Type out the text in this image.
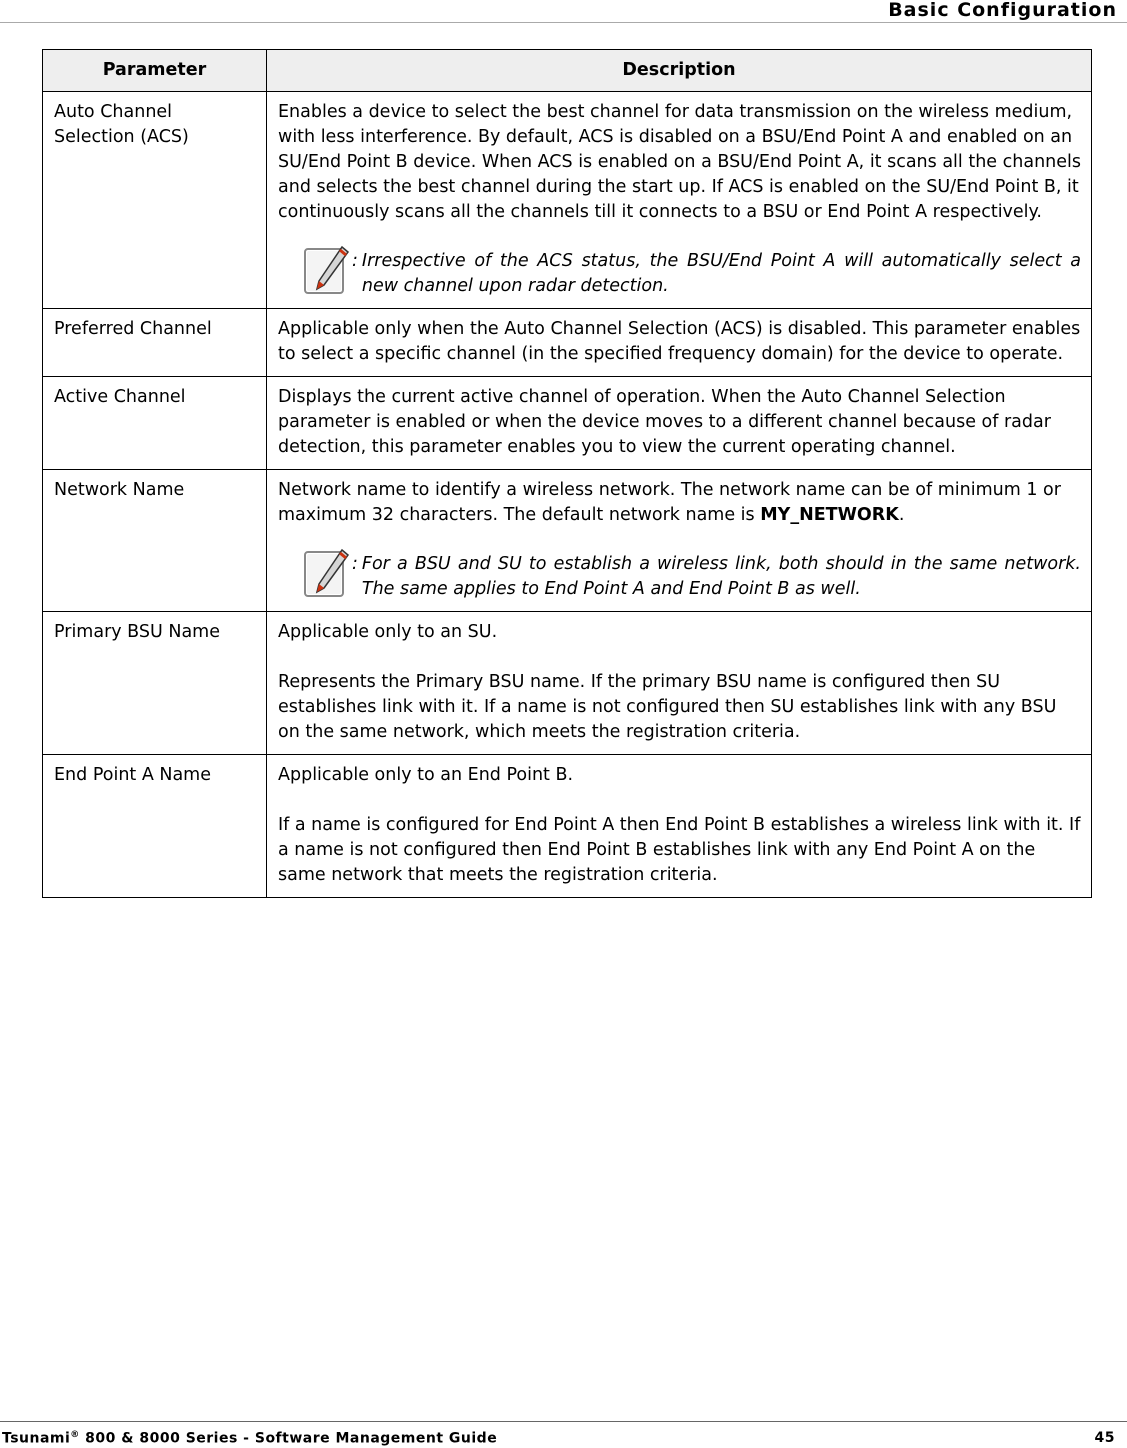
Basic Configuration
Parameter	Description
Auto Channel Selection (ACS)	Enables a device to select the best channel for data transmission on the wireless medium, with less interference. By default, ACS is disabled on a BSU/End Point A and enabled on an SU/End Point B device. When ACS is enabled on a BSU/End Point A, it scans all the channels and selects the best channel during the start up. If ACS is enabled on the SU/End Point B, it continuously scans all the channels till it connects to a BSU or End Point A respectively.

: Irrespective of the ACS status, the BSU/End Point A will automatically select a new channel upon radar detection.

Preferred Channel	Applicable only when the Auto Channel Selection (ACS) is disabled. This parameter enables to select a specific channel (in the specified frequency domain) for the device to operate.

Active Channel	Displays the current active channel of operation. When the Auto Channel Selection parameter is enabled or when the device moves to a different channel because of radar detection, this parameter enables you to view the current operating channel.

Network Name	Network name to identify a wireless network. The network name can be of minimum 1 or maximum 32 characters. The default network name is MY_NETWORK.

: For a BSU and SU to establish a wireless link, both should in the same network. The same applies to End Point A and End Point B as well.

Primary BSU Name	Applicable only to an SU.

Represents the Primary BSU name. If the primary BSU name is configured then SU establishes link with it. If a name is not configured then SU establishes link with any BSU on the same network, which meets the registration criteria.

End Point A Name	Applicable only to an End Point B.

If a name is configured for End Point A then End Point B establishes a wireless link with it. If a name is not configured then End Point B establishes link with any End Point A on the same network that meets the registration criteria.

Tsunami® 800 & 8000 Series - Software Management Guide	45
